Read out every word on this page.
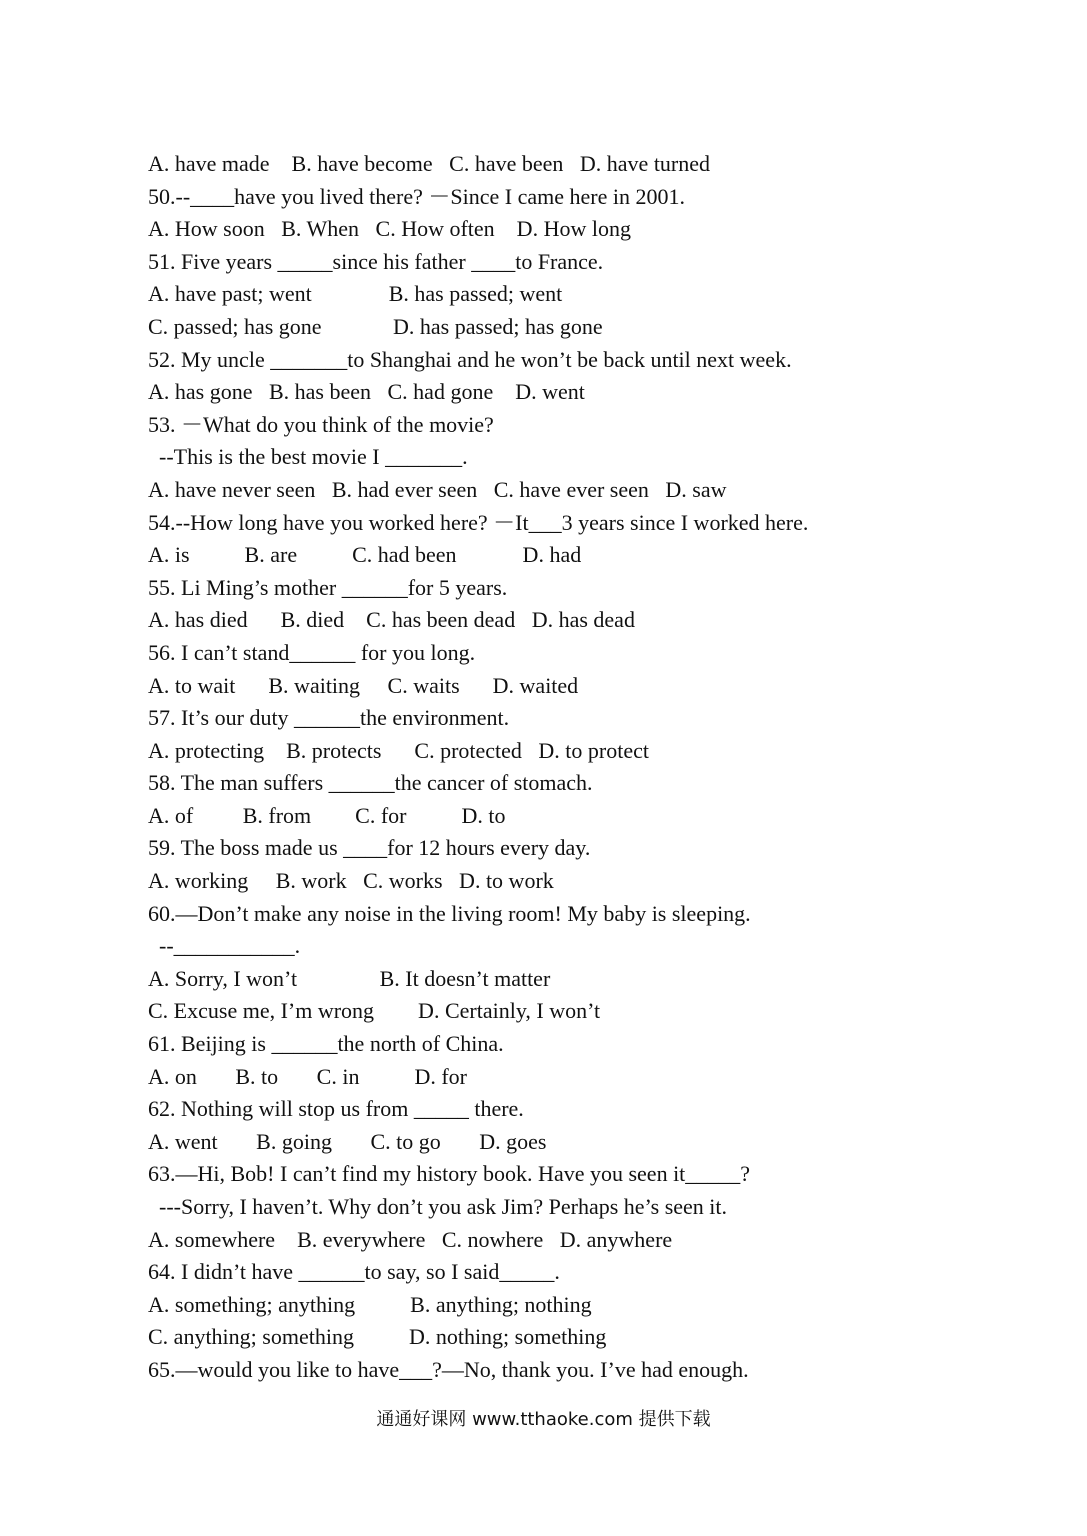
A. have made    B. have become   C. have been   D. have turned
50.--____have you lived there? －Since I came here in 2001.
A. How soon   B. When   C. How often    D. How long
51. Five years _____since his father ____to France.
A. have past; went              B. has passed; went
C. passed; has gone             D. has passed; has gone
52. My uncle _______to Shanghai and he won’t be back until next week.
A. has gone   B. has been   C. had gone    D. went
53. －What do you think of the movie?
--This is the best movie I _______.
A. have never seen   B. had ever seen   C. have ever seen   D. saw
54.--How long have you worked here? －It___3 years since I worked here.
A. is          B. are          C. had been            D. had
55. Li Ming’s mother ______for 5 years.
A. has died      B. died    C. has been dead   D. has dead
56. I can’t stand______ for you long.
A. to wait      B. waiting     C. waits      D. waited
57. It’s our duty ______the environment.
A. protecting    B. protects      C. protected   D. to protect
58. The man suffers ______the cancer of stomach.
A. of         B. from        C. for          D. to
59. The boss made us ____for 12 hours every day.
A. working     B. work   C. works   D. to work
60.—Don’t make any noise in the living room! My baby is sleeping.
--___________.
A. Sorry, I won’t               B. It doesn’t matter
C. Excuse me, I’m wrong        D. Certainly, I won’t
61. Beijing is ______the north of China.
A. on       B. to       C. in          D. for
62. Nothing will stop us from _____ there.
A. went       B. going       C. to go       D. goes
63.—Hi, Bob! I can’t find my history book. Have you seen it_____?
---Sorry, I haven’t. Why don’t you ask Jim? Perhaps he’s seen it.
A. somewhere    B. everywhere   C. nowhere   D. anywhere
64. I didn’t have ______to say, so I said_____.
A. something; anything          B. anything; nothing
C. anything; something          D. nothing; something
65.—would you like to have___?—No, thank you. I’ve had enough.
通通好课网 www.tthaoke.com 提供下载
